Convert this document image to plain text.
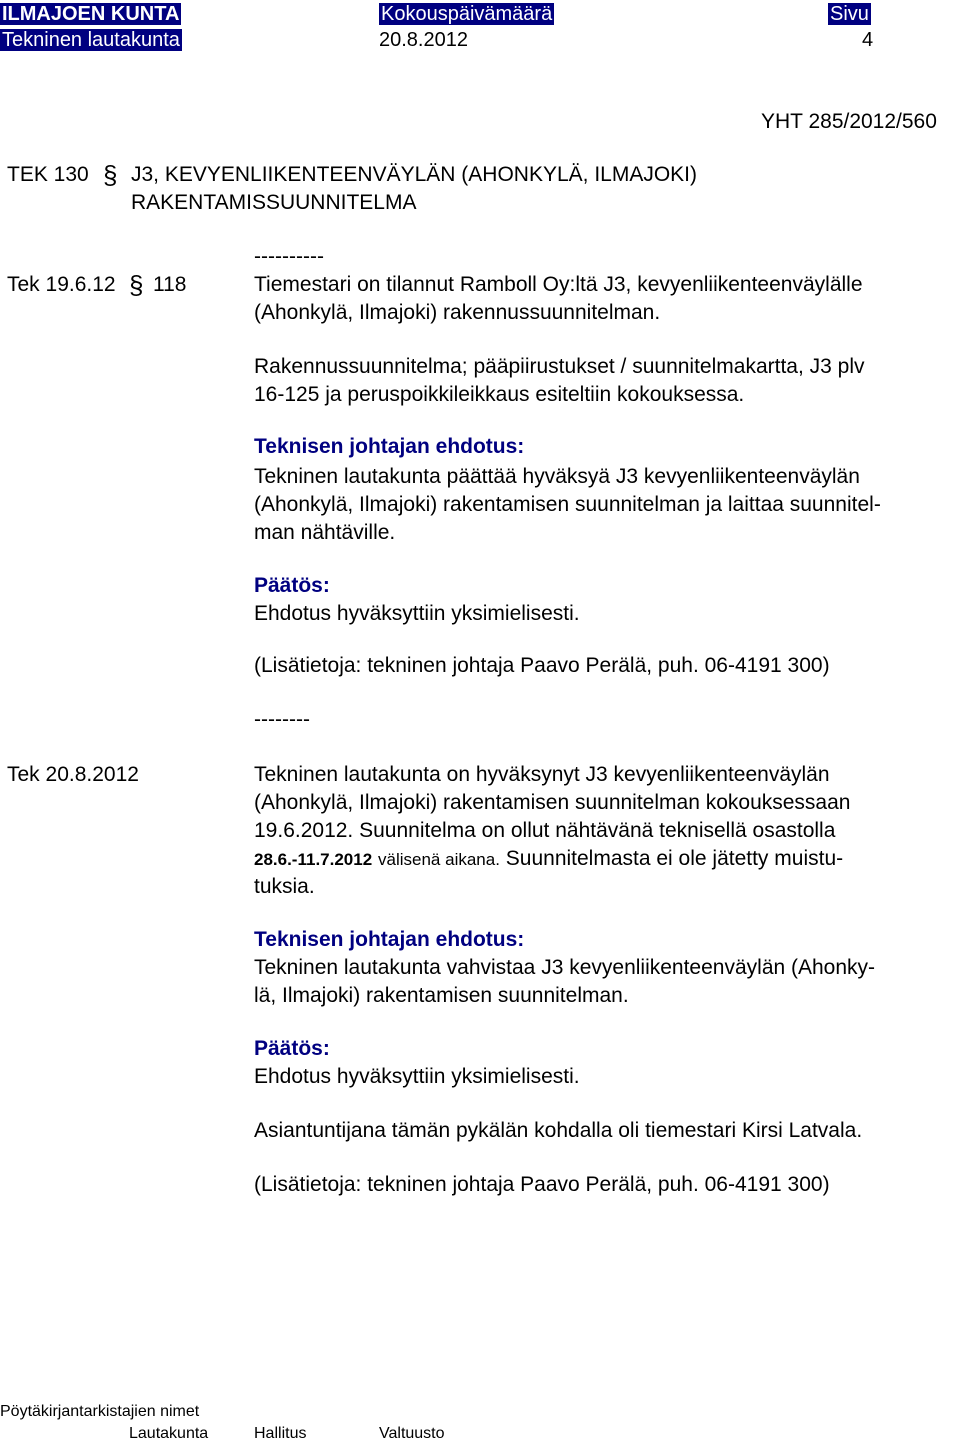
ILMAJOEN KUNTA
Tekninen lautakunta
Kokouspäivämäärä
20.8.2012
Sivu
4
YHT 285/2012/560
TEK 130 § J3, KEVYENLIIKENTEENVÄYLÄN (AHONKYLÄ, ILMAJOKI)
RAKENTAMISSUUNNITELMA
----------
Tek 19.6.12 § 118	Tiemestari on tilannut Ramboll Oy:ltä J3, kevyenliikenteenväylälle
(Ahonkylä, Ilmajoki) rakennussuunnitelman.
Rakennussuunnitelma; pääpiirustukset / suunnitelmakartta, J3 plv
16-125 ja peruspoikkileikkaus esiteltiin kokouksessa.
Teknisen johtajan ehdotus:
Tekninen lautakunta päättää hyväksyä J3 kevyenliikenteenväylän
(Ahonkylä, Ilmajoki) rakentamisen suunnitelman ja laittaa suunnitel-
man nähtäville.
Päätös:
Ehdotus hyväksyttiin yksimielisesti.
(Lisätietoja: tekninen johtaja Paavo Perälä, puh. 06-4191 300)
--------
Tek 20.8.2012	Tekninen lautakunta on hyväksynyt J3 kevyenliikenteenväylän
(Ahonkylä, Ilmajoki) rakentamisen suunnitelman kokouksessaan
19.6.2012. Suunnitelma on ollut nähtävänä teknisellä osastolla
28.6.-11.7.2012 välisenä aikana. Suunnitelmasta ei ole jätetty muistu-
tuksia.
Teknisen johtajan ehdotus:
Tekninen lautakunta vahvistaa J3 kevyenliikenteenväylän (Ahonky-
lä, Ilmajoki) rakentamisen suunnitelman.
Päätös:
Ehdotus hyväksyttiin yksimielisesti.
Asiantuntijana tämän pykälän kohdalla oli tiemestari Kirsi Latvala.
(Lisätietoja: tekninen johtaja Paavo Perälä, puh. 06-4191 300)
Pöytäkirjantarkistajien nimet
Lautakunta	Hallitus	Valtuusto
